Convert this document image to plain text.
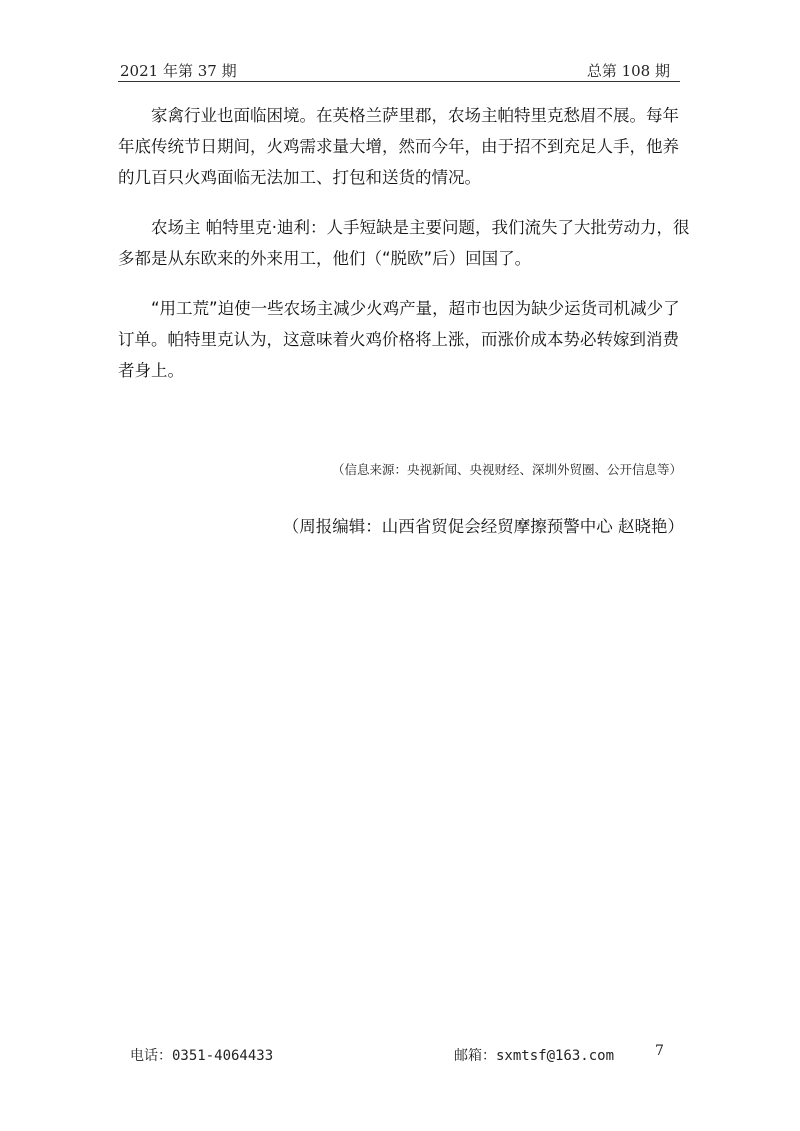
2021 年第 37 期	总第 108 期

家禽行业也面临困境。在英格兰萨里郡，农场主帕特里克愁眉不展。每年年底传统节日期间，火鸡需求量大增，然而今年，由于招不到充足人手，他养的几百只火鸡面临无法加工、打包和送货的情况。

农场主 帕特里克·迪利：人手短缺是主要问题，我们流失了大批劳动力，很多都是从东欧来的外来用工，他们（“脱欧”后）回国了。

“用工荒”迫使一些农场主减少火鸡产量，超市也因为缺少运货司机减少了订单。帕特里克认为，这意味着火鸡价格将上涨，而涨价成本势必转嫁到消费者身上。

（信息来源：央视新闻、央视财经、深圳外贸圈、公开信息等）
（周报编辑：山西省贸促会经贸摩擦预警中心 赵晓艳）
电话：0351-4064433	邮箱：sxmtsf@163.com	7
